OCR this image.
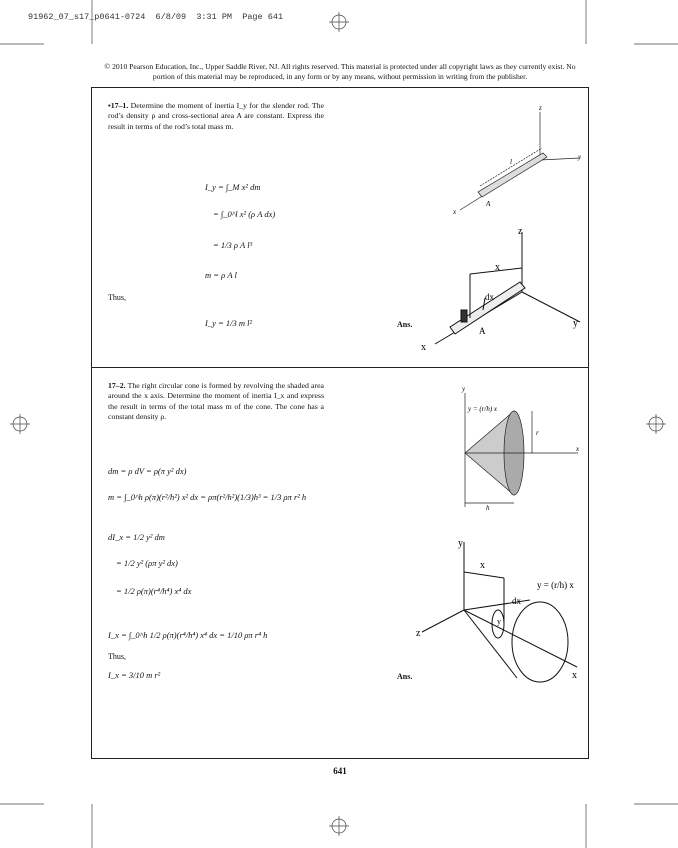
91962_07_s17_p0641-0724  6/8/09  3:31 PM  Page 641
© 2010 Pearson Education, Inc., Upper Saddle River, NJ. All rights reserved. This material is protected under all copyright laws as they currently exist. No portion of this material may be reproduced, in any form or by any means, without permission in writing from the publisher.
•17–1. Determine the moment of inertia I_y for the slender rod. The rod’s density ρ and cross-sectional area A are constant. Express the result in terms of the rod’s total mass m.
I_y = ∫_M x² dm
= ∫_0^l x² (ρ A dx)
= 1/3 ρ A l³
m = ρ A l
Thus,
I_y = 1/3 m l²	Ans.
z
y
x
l
A
z
x
dx
A
y
x
17–2. The right circular cone is formed by revolving the shaded area around the x axis. Determine the moment of inertia I_x and express the result in terms of the total mass m of the cone. The cone has a constant density ρ.
dm = ρ dV = ρ(π y² dx)
m = ∫_0^h ρ(π)(r²/h²) x² dx = ρπ(r²/h²)(1/3)h³ = 1/3 ρπ r² h
dI_x = 1/2 y² dm
= 1/2 y² (ρπ y² dx)
= 1/2 ρ(π)(r⁴/h⁴) x⁴ dx
I_x = ∫_0^h 1/2 ρ(π)(r⁴/h⁴) x⁴ dx = 1/10 ρπ r⁴ h
Thus,
I_x = 3/10 m r²	Ans.
y
y = (r/h) x
r
x
h
y
x
dx
y
y = (r/h) x
z
x
641
